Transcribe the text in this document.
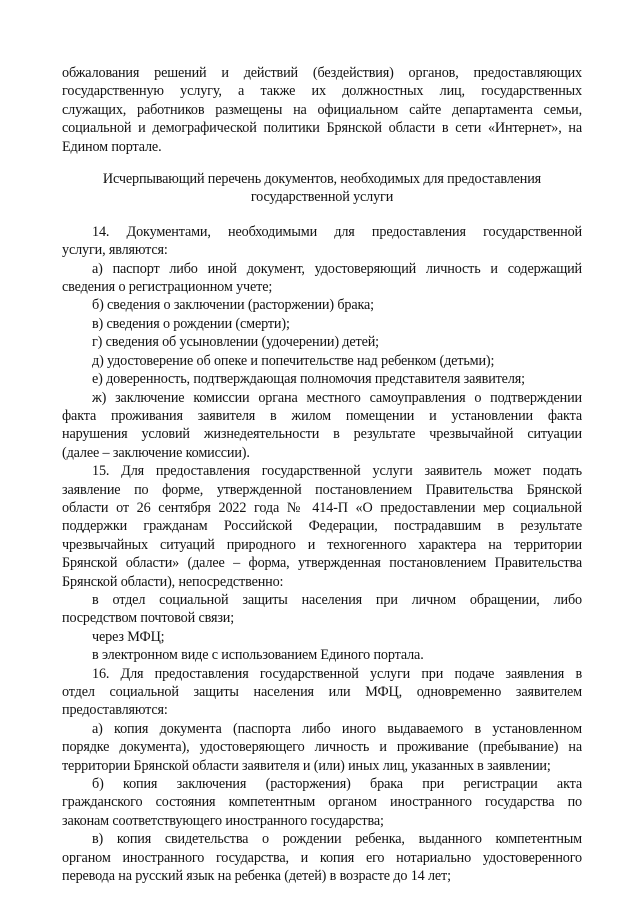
обжалования решений и действий (бездействия) органов, предоставляющих
государственную услугу, а также их должностных лиц, государственных
служащих, работников размещены на официальном сайте департамента семьи,
социальной и демографической политики Брянской области в сети «Интернет», на
Едином портале.
Исчерпывающий перечень документов, необходимых для предоставления
государственной услуги
14. Документами, необходимыми для предоставления государственной
услуги, являются:
а) паспорт либо иной документ, удостоверяющий личность и содержащий
сведения о регистрационном учете;
б) сведения о заключении (расторжении) брака;
в) сведения о рождении (смерти);
г) сведения об усыновлении (удочерении) детей;
д) удостоверение об опеке и попечительстве над ребенком (детьми);
е) доверенность, подтверждающая полномочия представителя заявителя;
ж) заключение комиссии органа местного самоуправления о подтверждении
факта проживания заявителя в жилом помещении и установлении факта
нарушения условий жизнедеятельности в результате чрезвычайной ситуации
(далее – заключение комиссии).
15. Для предоставления государственной услуги заявитель может подать
заявление по форме, утвержденной постановлением Правительства Брянской
области от 26 сентября 2022 года № 414-П «О предоставлении мер социальной
поддержки гражданам Российской Федерации, пострадавшим в результате
чрезвычайных ситуаций природного и техногенного характера на территории
Брянской области» (далее – форма, утвержденная постановлением Правительства
Брянской области), непосредственно:
в отдел социальной защиты населения при личном обращении, либо
посредством почтовой связи;
через МФЦ;
в электронном виде с использованием Единого портала.
16. Для предоставления государственной услуги при подаче заявления в
отдел социальной защиты населения или МФЦ, одновременно заявителем
предоставляются:
а) копия документа (паспорта либо иного выдаваемого в установленном
порядке документа), удостоверяющего личность и проживание (пребывание) на
территории Брянской области заявителя и (или) иных лиц, указанных в заявлении;
б) копия заключения (расторжения) брака при регистрации акта
гражданского состояния компетентным органом иностранного государства по
законам соответствующего иностранного государства;
в) копия свидетельства о рождении ребенка, выданного компетентным
органом иностранного государства, и копия его нотариально удостоверенного
перевода на русский язык на ребенка (детей) в возрасте до 14 лет;
